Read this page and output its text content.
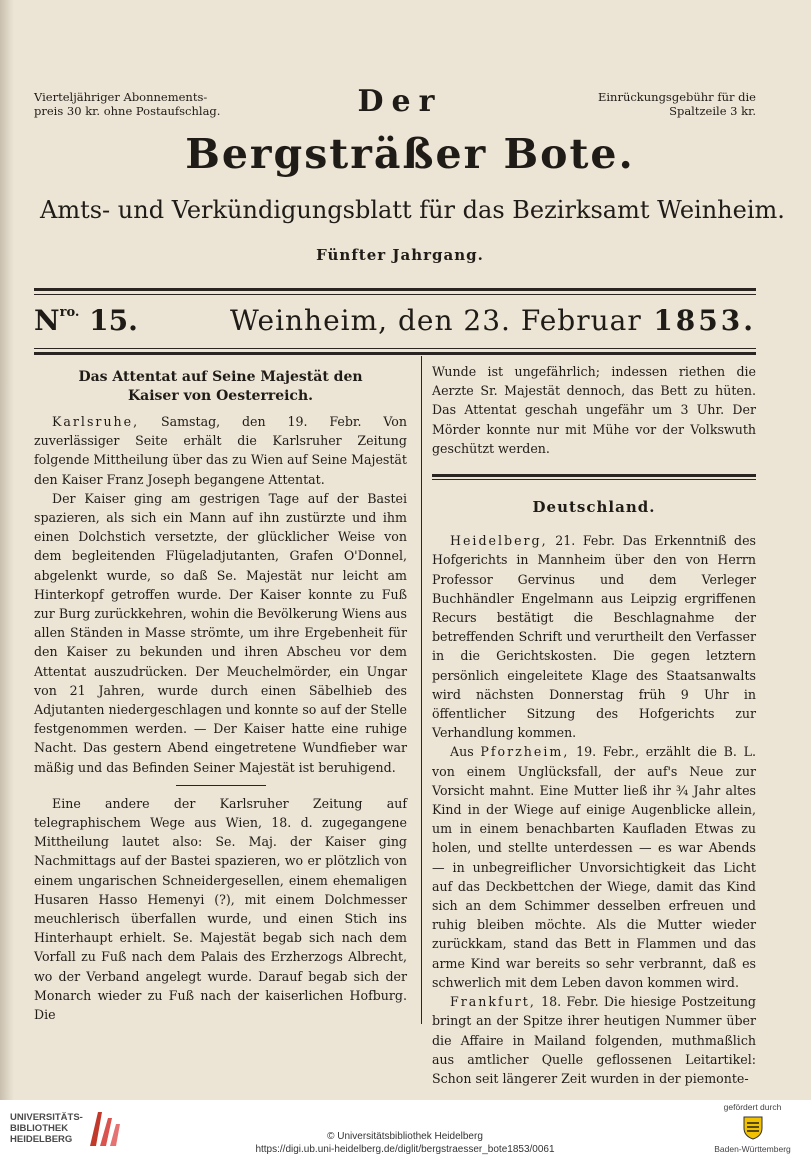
Vierteljähriger Abonnements-
preis 30 kr. ohne Postaufschlag.	Der	Einrückungsgebühr für die
Spaltzeile 3 kr.
Bergsträßer Bote.
Amts- und Verkündigungsblatt für das Bezirksamt Weinheim.
Fünfter Jahrgang.
$N^{ro.}$ 15.	Weinheim, den 23. Februar 1853.
Das Attentat auf Seine Majestät den
Kaiser von Oesterreich.

Karlsruhe, Samstag, den 19. Febr. Von zuverlässiger Seite erhält die Karlsruher Zeitung folgende Mittheilung über das zu Wien auf Seine Majestät den Kaiser Franz Joseph begangene Attentat.

Der Kaiser ging am gestrigen Tage auf der Bastei spazieren, als sich ein Mann auf ihn zustürzte und ihm einen Dolchstich versetzte, der glücklicher Weise von dem begleitenden Flügeladjutanten, Grafen O'Donnel, abgelenkt wurde, so daß Se. Majestät nur leicht am Hinterkopf getroffen wurde. Der Kaiser konnte zu Fuß zur Burg zurückkehren, wohin die Bevölkerung Wiens aus allen Ständen in Masse strömte, um ihre Ergebenheit für den Kaiser zu bekunden und ihren Abscheu vor dem Attentat auszudrücken. Der Meuchelmörder, ein Ungar von 21 Jahren, wurde durch einen Säbelhieb des Adjutanten niedergeschlagen und konnte so auf der Stelle festgenommen werden. — Der Kaiser hatte eine ruhige Nacht. Das gestern Abend eingetretene Wundfieber war mäßig und das Befinden Seiner Majestät ist beruhigend.

Eine andere der Karlsruher Zeitung auf telegraphischem Wege aus Wien, 18. d. zugegangene Mittheilung lautet also: Se. Maj. der Kaiser ging Nachmittags auf der Bastei spazieren, wo er plötzlich von einem ungarischen Schneidergesellen, einem ehemaligen Husaren Hasso Hemenyi (?), mit einem Dolchmesser meuchlerisch überfallen wurde, und einen Stich ins Hinterhaupt erhielt. Se. Majestät begab sich nach dem Vorfall zu Fuß nach dem Palais des Erzherzogs Albrecht, wo der Verband angelegt wurde. Darauf begab sich der Monarch wieder zu Fuß nach der kaiserlichen Hofburg. Die

Wunde ist ungefährlich; indessen riethen die Aerzte Sr. Majestät dennoch, das Bett zu hüten. Das Attentat geschah ungefähr um 3 Uhr. Der Mörder konnte nur mit Mühe vor der Volkswuth geschützt werden.

Deutschland.

Heidelberg, 21. Febr. Das Erkenntniß des Hofgerichts in Mannheim über den von Herrn Professor Gervinus und dem Verleger Buchhändler Engelmann aus Leipzig ergriffenen Recurs bestätigt die Beschlagnahme der betreffenden Schrift und verurtheilt den Verfasser in die Gerichtskosten. Die gegen letztern persönlich eingeleitete Klage des Staatsanwalts wird nächsten Donnerstag früh 9 Uhr in öffentlicher Sitzung des Hofgerichts zur Verhandlung kommen.

Aus Pforzheim, 19. Febr., erzählt die B. L. von einem Unglücksfall, der auf's Neue zur Vorsicht mahnt. Eine Mutter ließ ihr ¾ Jahr altes Kind in der Wiege auf einige Augenblicke allein, um in einem benachbarten Kaufladen Etwas zu holen, und stellte unterdessen — es war Abends — in unbegreiflicher Unvorsichtigkeit das Licht auf das Deckbettchen der Wiege, damit das Kind sich an dem Schimmer desselben erfreuen und ruhig bleiben möchte. Als die Mutter wieder zurückkam, stand das Bett in Flammen und das arme Kind war bereits so sehr verbrannt, daß es schwerlich mit dem Leben davon kommen wird.

Frankfurt, 18. Febr. Die hiesige Postzeitung bringt an der Spitze ihrer heutigen Nummer über die Affaire in Mailand folgenden, muthmaßlich aus amtlicher Quelle geflossenen Leitartikel: Schon seit längerer Zeit wurden in der piemonte-

UNIVERSITÄTS-
BIBLIOTHEK
HEIDELBERG	© Universitätsbibliothek Heidelberg
https://digi.ub.uni-heidelberg.de/diglit/bergstraesser_bote1853/0061
gefördert durch
Baden-Württemberg
